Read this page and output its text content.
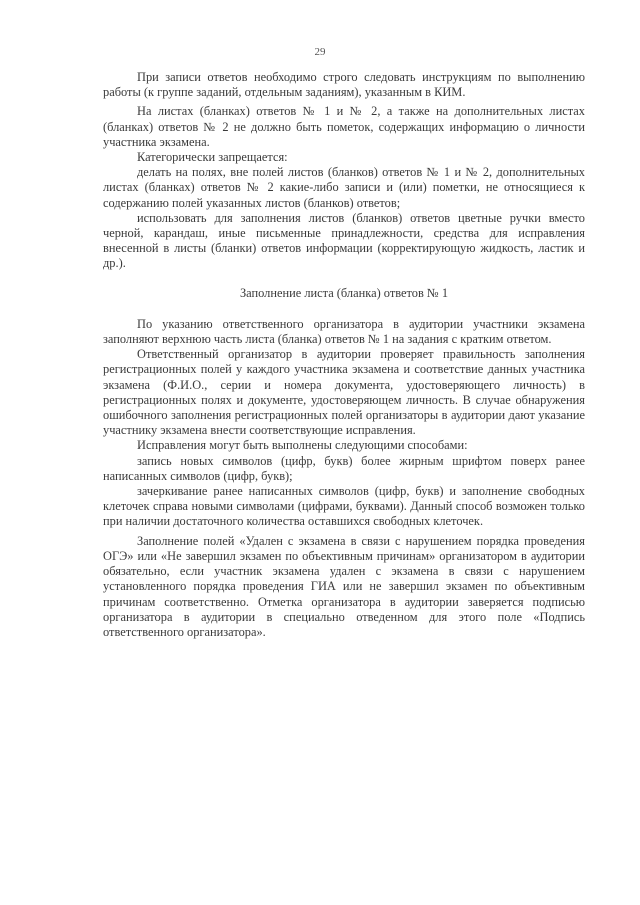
29

При записи ответов необходимо строго следовать инструкциям по выполнению работы (к группе заданий, отдельным заданиям), указанным в КИМ.

На листах (бланках) ответов № 1 и № 2, а также на дополнительных листах (бланках) ответов № 2 не должно быть пометок, содержащих информацию о личности участника экзамена.

Категорически запрещается:

делать на полях, вне полей листов (бланков) ответов № 1 и № 2, дополнительных листах (бланках) ответов № 2 какие-либо записи и (или) пометки, не относящиеся к содержанию полей указанных листов (бланков) ответов;

использовать для заполнения листов (бланков) ответов цветные ручки вместо черной, карандаш, иные письменные принадлежности, средства для исправления внесенной в листы (бланки) ответов информации (корректирующую жидкость, ластик и др.).

Заполнение листа (бланка) ответов № 1

По указанию ответственного организатора в аудитории участники экзамена заполняют верхнюю часть листа (бланка) ответов № 1 на задания с кратким ответом.

Ответственный организатор в аудитории проверяет правильность заполнения регистрационных полей у каждого участника экзамена и соответствие данных участника экзамена (Ф.И.О., серии и номера документа, удостоверяющего личность) в регистрационных полях и документе, удостоверяющем личность. В случае обнаружения ошибочного заполнения регистрационных полей организаторы в аудитории дают указание участнику экзамена внести соответствующие исправления.

Исправления могут быть выполнены следующими способами:

запись новых символов (цифр, букв) более жирным шрифтом поверх ранее написанных символов (цифр, букв);

зачеркивание ранее написанных символов (цифр, букв) и заполнение свободных клеточек справа новыми символами (цифрами, буквами). Данный способ возможен только при наличии достаточного количества оставшихся свободных клеточек.

Заполнение полей «Удален с экзамена в связи с нарушением порядка проведения ОГЭ» или «Не завершил экзамен по объективным причинам» организатором в аудитории обязательно, если участник экзамена удален с экзамена в связи с нарушением установленного порядка проведения ГИА или не завершил экзамен по объективным причинам соответственно. Отметка организатора в аудитории заверяется подписью организатора в аудитории в специально отведенном для этого поле «Подпись ответственного организатора».
